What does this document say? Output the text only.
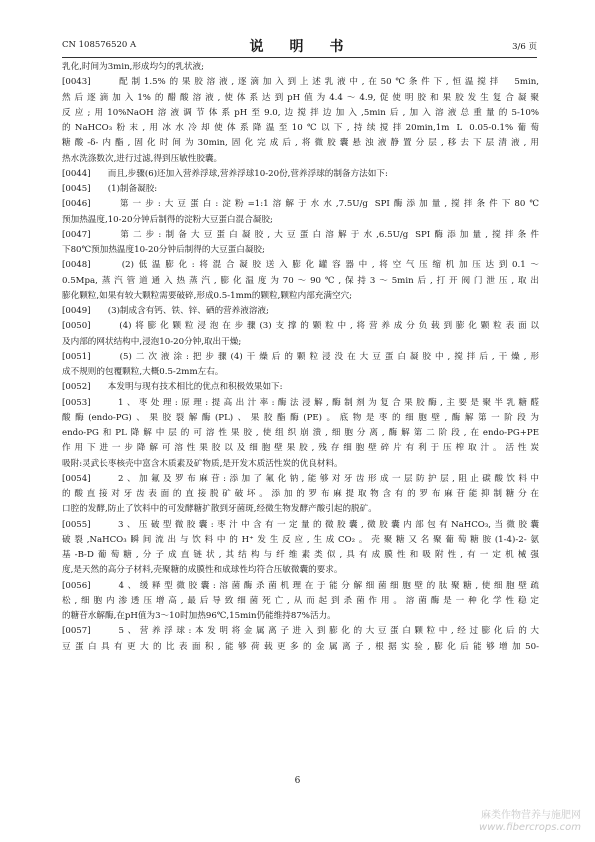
CN 108576520 A	说　明　书	3/6 页
乳化,时间为3min,形成均匀的乳状液;
[0043]　　配制1.5%的果胶溶液,逐滴加入到上述乳液中,在50℃条件下,恒温搅拌　5min,
然后逐滴加入1%的醋酸溶液,使体系达到pH值为4.4～4.9,促使明胶和果胶发生复合凝聚
反应;用10%NaOH溶液调节体系pH至9.0,边搅拌边加入,5min后,加入溶液总重量的5-10%
的NaHCO₃粉末,用冰水冷却使体系降温至10℃以下,持续搅拌20min,1m L 0.05-0.1%葡萄
糖酸-δ-内酯,固化时间为30min,固化完成后,将微胶囊悬浊液静置分层,移去下层清液,用
热水洗涤数次,进行过滤,得到压敏性胶囊。
[0044]　　而且,步骤(6)还加入营养浮球,营养浮球10-20份,营养浮球的制备方法如下:
[0045]　　(1)制备凝胶:
[0046]　　第一步:大豆蛋白:淀粉=1:1溶解于水水,7.5U/g SPI酶添加量,搅拌条件下80℃
预加热温度,10-20分钟后制得的淀粉大豆蛋白混合凝胶;
[0047]　　第二步:制备大豆蛋白凝胶,大豆蛋白溶解于水,6.5U/g SPI酶添加量,搅拌条件
下80℃预加热温度10-20分钟后制得的大豆蛋白凝胶;
[0048]　　(2)低温膨化:将混合凝胶送入膨化罐容器中,将空气压缩机加压达到0.1～
0.5Mpa,蒸汽管道通入热蒸汽,膨化温度为70～90℃,保持3～5min后,打开阀门泄压,取出
膨化颗粒,如果有较大颗粒需要破碎,形成0.5-1mm的颗粒,颗粒内部充满空穴;
[0049]　　(3)制成含有钙、铁、锌、硒的营养液溶液;
[0050]　　(4)将膨化颗粒浸泡在步骤(3)支撑的颗粒中,将营养成分负载到膨化颗粒表面以
及内部的网状结构中,浸泡10-20分钟,取出干燥;
[0051]　　(5)二次液涂:把步骤(4)干燥后的颗粒浸没在大豆蛋白凝胶中,搅拌后,干燥,形
成不规则的包覆颗粒,大概0.5-2mm左右。
[0052]　　本发明与现有技术相比的优点和积极效果如下:
[0053]　　1、枣处理:原理:提高出汁率:酶法浸解,酶制剂为复合果胶酶,主要是聚半乳糖醛
酸酶(endo-PG)、果胶裂解酶(PL)、果胶酯酶(PE)。底物是枣的细胞壁,酶解第一阶段为
endo-PG和PL降解中层的可溶性果胶,使组织崩溃,细胞分离,酶解第二阶段,在endo-PG+PE
作用下进一步降解可溶性果胶以及细胞壁果胶,残存细胞壁碎片有利于压榨取汁。活性炭
吸附:灵武长枣核壳中富含木质素及矿物质,是开发木质活性炭的优良材料。
[0054]　　2、加氟及罗布麻苷:添加了氟化钠,能够对牙齿形成一层防护层,阻止碳酸饮料中
的酸直接对牙齿表面的直接脱矿破坏。添加的罗布麻提取物含有的罗布麻苷能抑制糖分在
口腔的发酵,防止了饮料中的可发酵糖扩散到牙菌斑,经微生物发酵产酸引起的脱矿。
[0055]　　3、压破型微胶囊:枣汁中含有一定量的微胶囊,微胶囊内部包有NaHCO₃,当微胶囊
破裂,NaHCO₃瞬间流出与饮料中的H⁺发生反应,生成CO₂。壳聚糖又名聚葡萄糖胺(1-4)-2-氨
基-B-D葡萄糖,分子成直链状,其结构与纤维素类似,具有成膜性和吸附性,有一定机械强
度,是天然的高分子材料,壳聚糖的成膜性和成球性均符合压敏微囊的要求。
[0056]　　4、缓释型微胶囊:溶菌酶杀菌机理在于能分解细菌细胞壁的肽聚糖,使细胞壁疏
松,细胞内渗透压增高,最后导致细菌死亡,从而起到杀菌作用。溶菌酶是一种化学性稳定
的糖苷水解酶,在pH值为3～10时加热96℃,15min仍能维持87%活力。
[0057]　　5、营养浮球:本发明将金属离子进入到膨化的大豆蛋白颗粒中,经过膨化后的大
豆蛋白具有更大的比表面积,能够荷载更多的金属离子,根据实验,膨化后能够增加50-
6
麻类作物营养与施肥网
www.fibercrops.com
